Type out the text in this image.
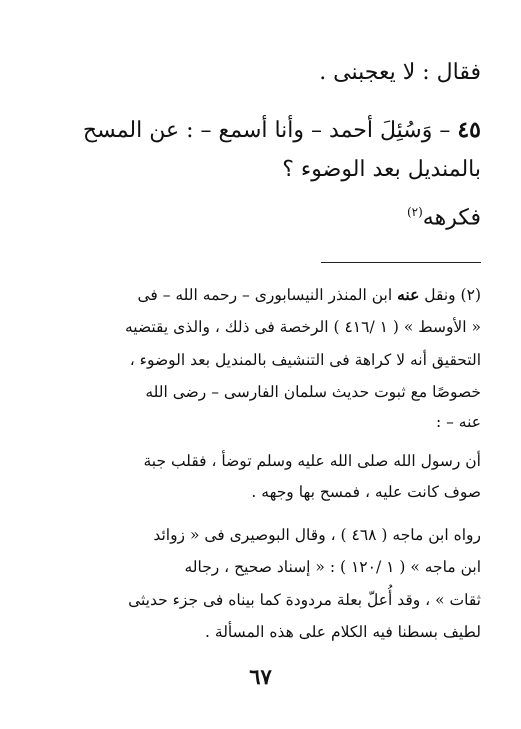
فقال : لا يعجبنى .
٤٥ – وَسُئِلَ أحمد – وأنا أسمع – : عن المسح
بالمنديل بعد الوضوء ؟
فكرهه$^{(٢)}$
(٢) ونقل عنه ابن المنذر النيسابورى – رحمه الله – فى
« الأوسط » ( ١ /٤١٦ ) الرخصة فى ذلك ، والذى يقتضيه
التحقيق أنه لا كراهة فى التنشيف بالمنديل بعد الوضوء ،
خصوصًا مع ثبوت حديث سلمان الفارسى – رضى الله
عنه – :
أن رسول الله صلى الله عليه وسلم توضأ ، فقلب جبة
صوف كانت عليه ، فمسح بها وجهه .
رواه ابن ماجه ( ٤٦٨ ) ، وقال البوصيرى فى « زوائد
ابن ماجه » ( ١ /١٢٠ ) : « إسناد صحيح ، رجاله
ثقات » ، وقد أُعلّ بعلة مردودة كما بيناه فى جزء حديثى
لطيف بسطنا فيه الكلام على هذه المسألة .
٦٧
